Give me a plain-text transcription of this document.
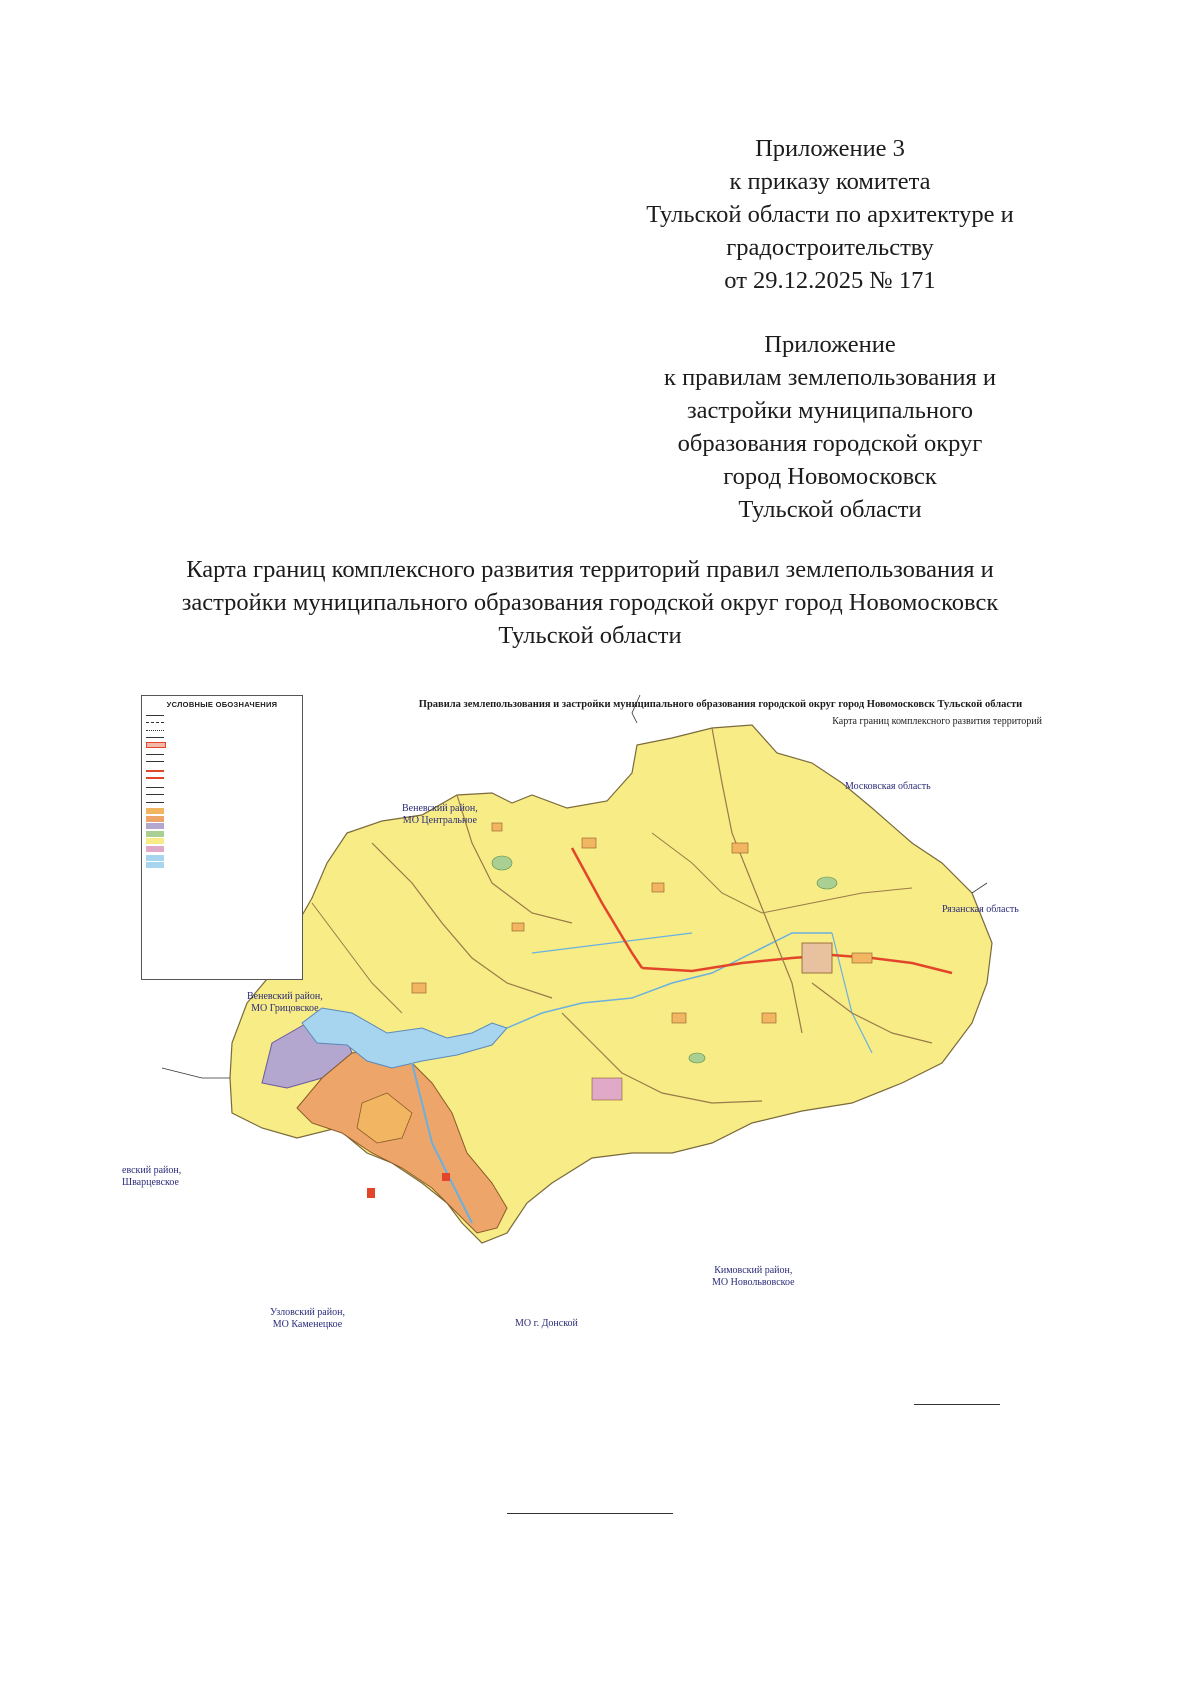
Приложение 3
к приказу комитета
Тульской области по архитектуре и
градостроительству
от 29.12.2025 № 171
Приложение
к правилам землепользования и
застройки муниципального
образования городской округ
город Новомосковск
Тульской области
Карта границ комплексного развития территорий правил землепользования и
застройки муниципального образования городской округ город Новомосковск
Тульской области
УСЛОВНЫЕ ОБОЗНАЧЕНИЯ	Правила землепользования и застройки муниципального образования городской округ город Новомосковск Тульской области
Карта границ комплексного развития территорий
Веневский район,
МО Центральное
Московская область
Рязанская область
Веневский район,
МО Грицовское
евский район,
Шварцевское
Кимовский район,
МО Новольвовское
Узловский район,
МО Каменецкое	МО г. Донской
